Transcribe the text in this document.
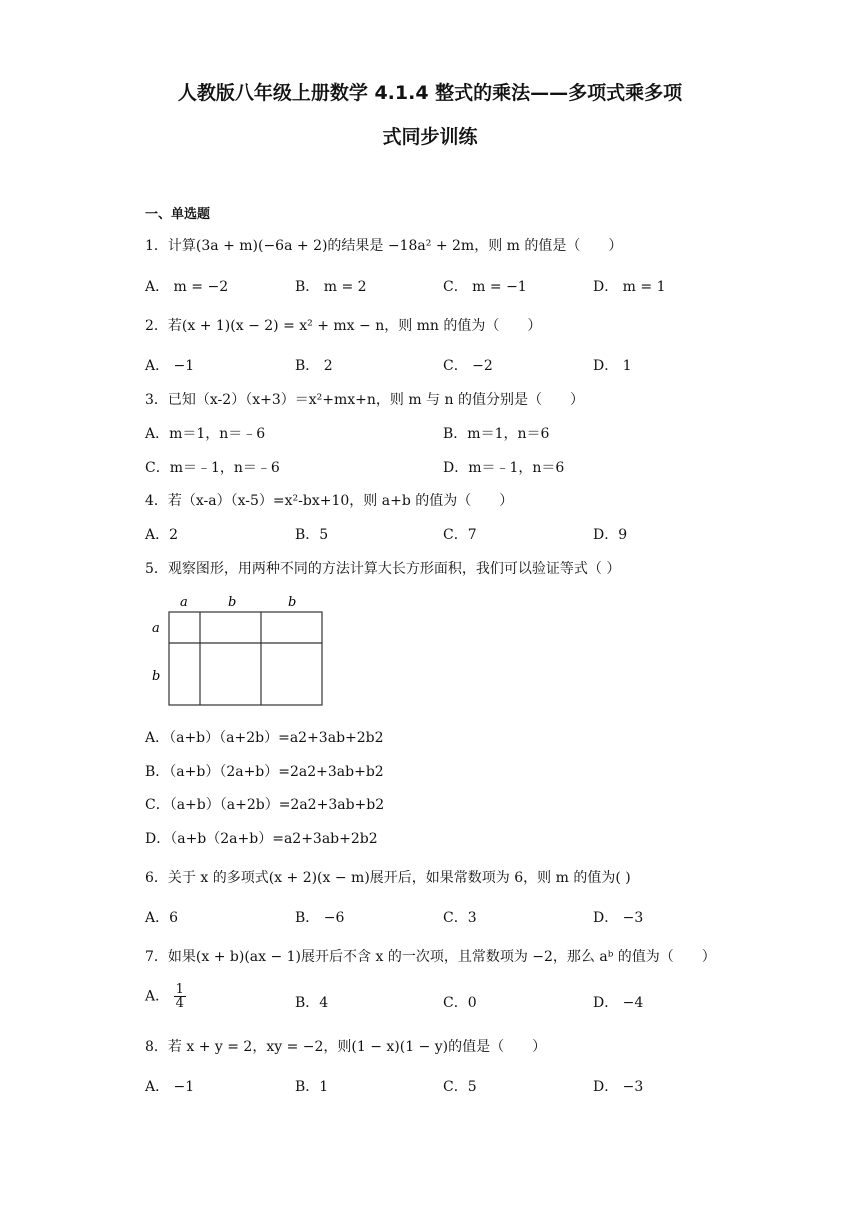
人教版八年级上册数学 4.1.4 整式的乘法——多项式乘多项
式同步训练
一、单选题
1．计算(3a + m)(−6a + 2)的结果是 −18a² + 2m，则 m 的值是（　　）
A． m = −2	B． m = 2	C． m = −1	D． m = 1
2．若(x + 1)(x − 2) = x² + mx − n，则 mn 的值为（　　）
A． −1	B． 2	C． −2	D． 1
3．已知（x-2）（x+3）＝x²+mx+n，则 m 与 n 的值分别是（　　）
A．m＝1，n＝﹣6	B．m＝1，n＝6
C．m＝﹣1，n＝﹣6	D．m＝﹣1，n＝6
4．若（x-a）（x-5）=x²-bx+10，则 a+b 的值为（　　）
A．2	B．5	C．7	D．9
5．观察图形，用两种不同的方法计算大长方形面积，我们可以验证等式（ ）
a	b	b
a
b
A．（a+b）（a+2b）=a2+3ab+2b2
B．（a+b）（2a+b）=2a2+3ab+b2
C．（a+b）（a+2b）=2a2+3ab+b2
D．（a+b（2a+b）=a2+3ab+2b2
6．关于 x 的多项式(x + 2)(x − m)展开后，如果常数项为 6，则 m 的值为( )
A．6	B． −6	C．3	D． −3
7．如果(x + b)(ax − 1)展开后不含 x 的一次项，且常数项为 −2，那么 aᵇ 的值为（　　）
A． $\frac{1}{4}$	B．4	C．0	D． −4
8．若 x + y = 2，xy = −2，则(1 − x)(1 − y)的值是（　　）
A． −1	B．1	C．5	D． −3
